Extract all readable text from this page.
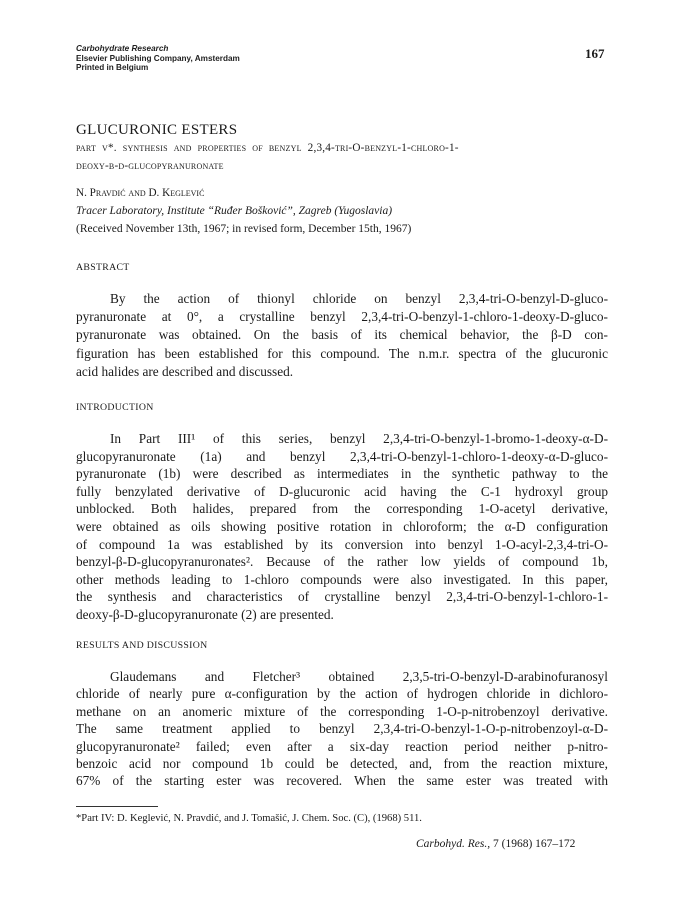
Carbohydrate Research
Elsevier Publishing Company, Amsterdam
Printed in Belgium
167
GLUCURONIC ESTERS
part v*. synthesis and properties of benzyl 2,3,4-tri-O-benzyl-1-chloro-1-
deoxy-β-d-glucopyranuronate
N. Pravdić and D. Keglević
Tracer Laboratory, Institute “Ruđer Bošković”, Zagreb (Yugoslavia)
(Received November 13th, 1967; in revised form, December 15th, 1967)
ABSTRACT
By the action of thionyl chloride on benzyl 2,3,4-tri-O-benzyl-D-gluco-
pyranuronate at 0°, a crystalline benzyl 2,3,4-tri-O-benzyl-1-chloro-1-deoxy-D-gluco-
pyranuronate was obtained. On the basis of its chemical behavior, the β-D con-
figuration has been established for this compound. The n.m.r. spectra of the glucuronic
acid halides are described and discussed.
INTRODUCTION
In Part III¹ of this series, benzyl 2,3,4-tri-O-benzyl-1-bromo-1-deoxy-α-D-
glucopyranuronate (1a) and benzyl 2,3,4-tri-O-benzyl-1-chloro-1-deoxy-α-D-gluco-
pyranuronate (1b) were described as intermediates in the synthetic pathway to the
fully benzylated derivative of D-glucuronic acid having the C-1 hydroxyl group
unblocked. Both halides, prepared from the corresponding 1-O-acetyl derivative,
were obtained as oils showing positive rotation in chloroform; the α-D configuration
of compound 1a was established by its conversion into benzyl 1-O-acyl-2,3,4-tri-O-
benzyl-β-D-glucopyranuronates². Because of the rather low yields of compound 1b,
other methods leading to 1-chloro compounds were also investigated. In this paper,
the synthesis and characteristics of crystalline benzyl 2,3,4-tri-O-benzyl-1-chloro-1-
deoxy-β-D-glucopyranuronate (2) are presented.
RESULTS AND DISCUSSION
Glaudemans and Fletcher³ obtained 2,3,5-tri-O-benzyl-D-arabinofuranosyl
chloride of nearly pure α-configuration by the action of hydrogen chloride in dichloro-
methane on an anomeric mixture of the corresponding 1-O-p-nitrobenzoyl derivative.
The same treatment applied to benzyl 2,3,4-tri-O-benzyl-1-O-p-nitrobenzoyl-α-D-
glucopyranuronate² failed; even after a six-day reaction period neither p-nitro-
benzoic acid nor compound 1b could be detected, and, from the reaction mixture,
67% of the starting ester was recovered. When the same ester was treated with
*Part IV: D. Keglević, N. Pravdić, and J. Tomašić, J. Chem. Soc. (C), (1968) 511.
Carbohyd. Res., 7 (1968) 167–172
